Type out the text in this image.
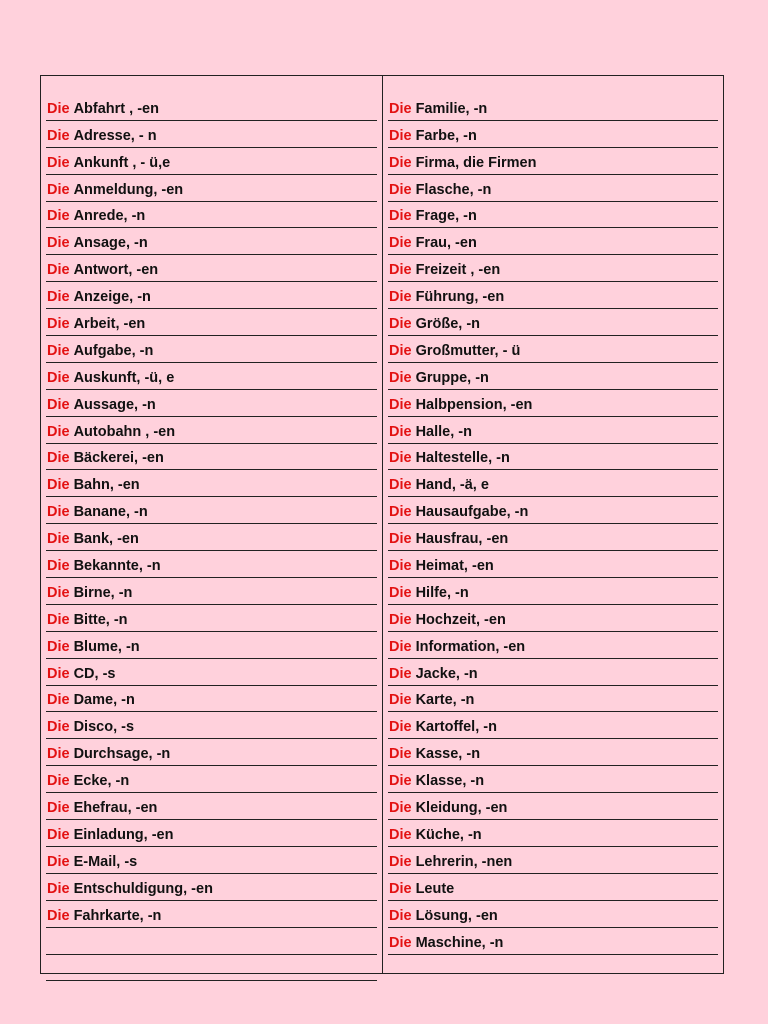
Die Abfahrt , -en
Die Adresse, - n
Die Ankunft , - ü,e
Die Anmeldung, -en
Die Anrede, -n
Die Ansage, -n
Die Antwort, -en
Die Anzeige, -n
Die Arbeit, -en
Die Aufgabe, -n
Die Auskunft, -ü, e
Die Aussage, -n
Die Autobahn , -en
Die Bäckerei, -en
Die Bahn, -en
Die Banane, -n
Die Bank, -en
Die Bekannte, -n
Die Birne, -n
Die Bitte, -n
Die Blume, -n
Die CD, -s
Die Dame, -n
Die Disco, -s
Die Durchsage, -n
Die Ecke, -n
Die Ehefrau, -en
Die Einladung, -en
Die E-Mail, -s
Die Entschuldigung, -en
Die Fahrkarte, -n
Die Familie, -n
Die Farbe, -n
Die Firma, die Firmen
Die Flasche, -n
Die Frage, -n
Die Frau, -en
Die Freizeit , -en
Die Führung, -en
Die Größe, -n
Die Großmutter, - ü
Die Gruppe, -n
Die Halbpension, -en
Die Halle, -n
Die Haltestelle, -n
Die Hand, -ä, e
Die Hausaufgabe, -n
Die Hausfrau, -en
Die Heimat, -en
Die Hilfe, -n
Die Hochzeit, -en
Die Information, -en
Die Jacke, -n
Die Karte, -n
Die Kartoffel, -n
Die Kasse, -n
Die Klasse, -n
Die Kleidung, -en
Die Küche, -n
Die Lehrerin, -nen
Die Leute
Die Lösung, -en
Die Maschine, -n
